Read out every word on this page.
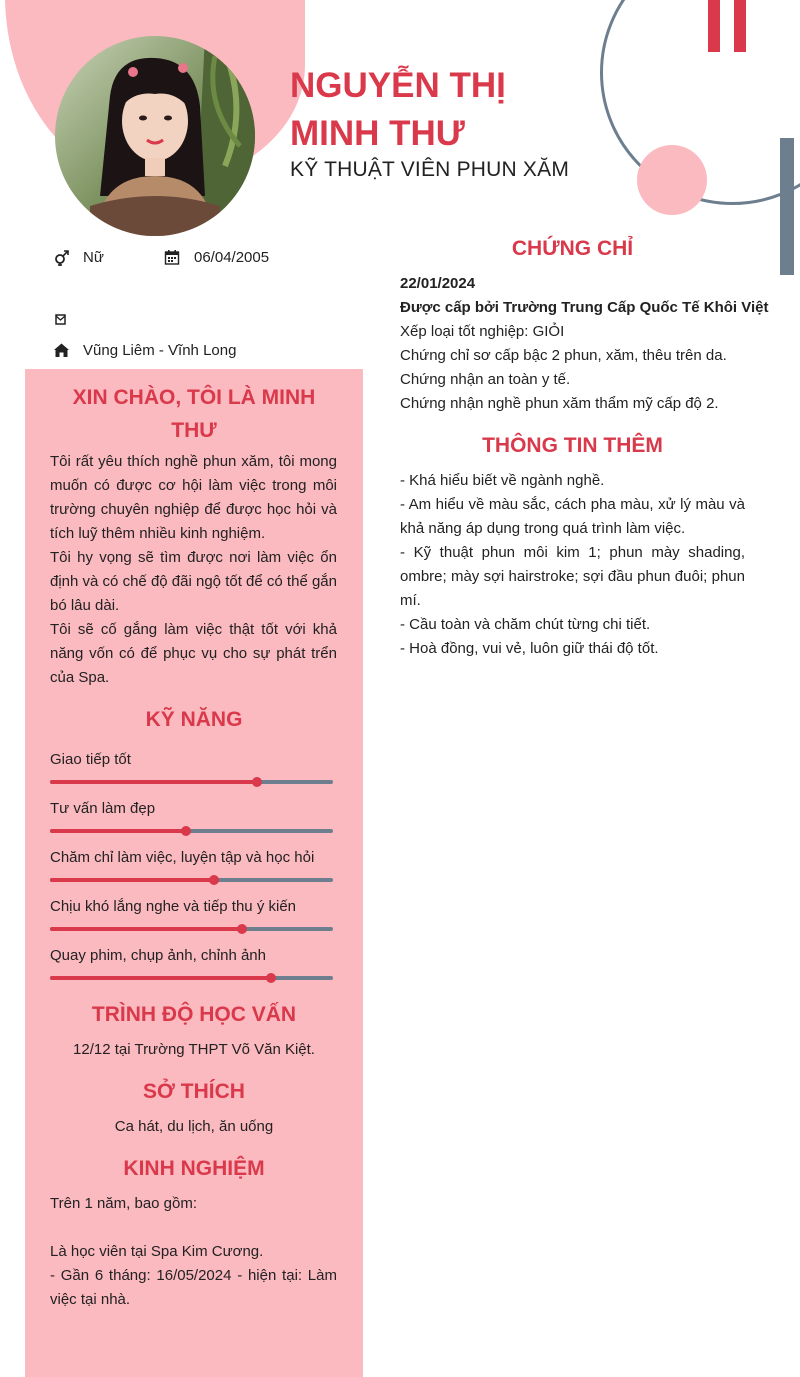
NGUYỄN THỊ
MINH THƯ
KỸ THUẬT VIÊN PHUN XĂM
Nữ	06/04/2005
Vũng Liêm - Vĩnh Long
XIN CHÀO, TÔI LÀ MINH
THƯ
Tôi rất yêu thích nghề phun xăm, tôi mong muốn có được cơ hội làm việc trong môi trường chuyên nghiệp để được học hỏi và tích luỹ thêm nhiều kinh nghiệm.
Tôi hy vọng sẽ tìm được nơi làm việc ổn định và có chế độ đãi ngộ tốt để có thể gắn bó lâu dài.
Tôi sẽ cố gắng làm việc thật tốt với khả năng vốn có để phục vụ cho sự phát trển của Spa.
KỸ NĂNG
Giao tiếp tốt
Tư vấn làm đẹp
Chăm chỉ làm việc, luyện tập và học hỏi
Chịu khó lắng nghe và tiếp thu ý kiến
Quay phim, chụp ảnh, chỉnh ảnh
TRÌNH ĐỘ HỌC VẤN
12/12 tại Trường THPT Võ Văn Kiệt.
SỞ THÍCH
Ca hát, du lịch, ăn uống
KINH NGHIỆM
Trên 1 năm, bao gồm:
Là học viên tại Spa Kim Cương.
- Gần 6 tháng: 16/05/2024 - hiện tại: Làm việc tại nhà.
CHỨNG CHỈ
22/01/2024
Được cấp bởi Trường Trung Cấp Quốc Tế Khôi Việt
Xếp loại tốt nghiệp: GIỎI
Chứng chỉ sơ cấp bậc 2 phun, xăm, thêu trên da.
Chứng nhận an toàn y tế.
Chứng nhận nghề phun xăm thẩm mỹ cấp độ 2.
THÔNG TIN THÊM
- Khá hiểu biết về ngành nghề.
- Am hiểu về màu sắc, cách pha màu, xử lý màu và khả năng áp dụng trong quá trình làm việc.
- Kỹ thuật phun môi kim 1; phun mày shading, ombre; mày sợi hairstroke; sợi đầu phun đuôi; phun mí.
- Cầu toàn và chăm chút từng chi tiết.
- Hoà đồng, vui vẻ, luôn giữ thái độ tốt.
